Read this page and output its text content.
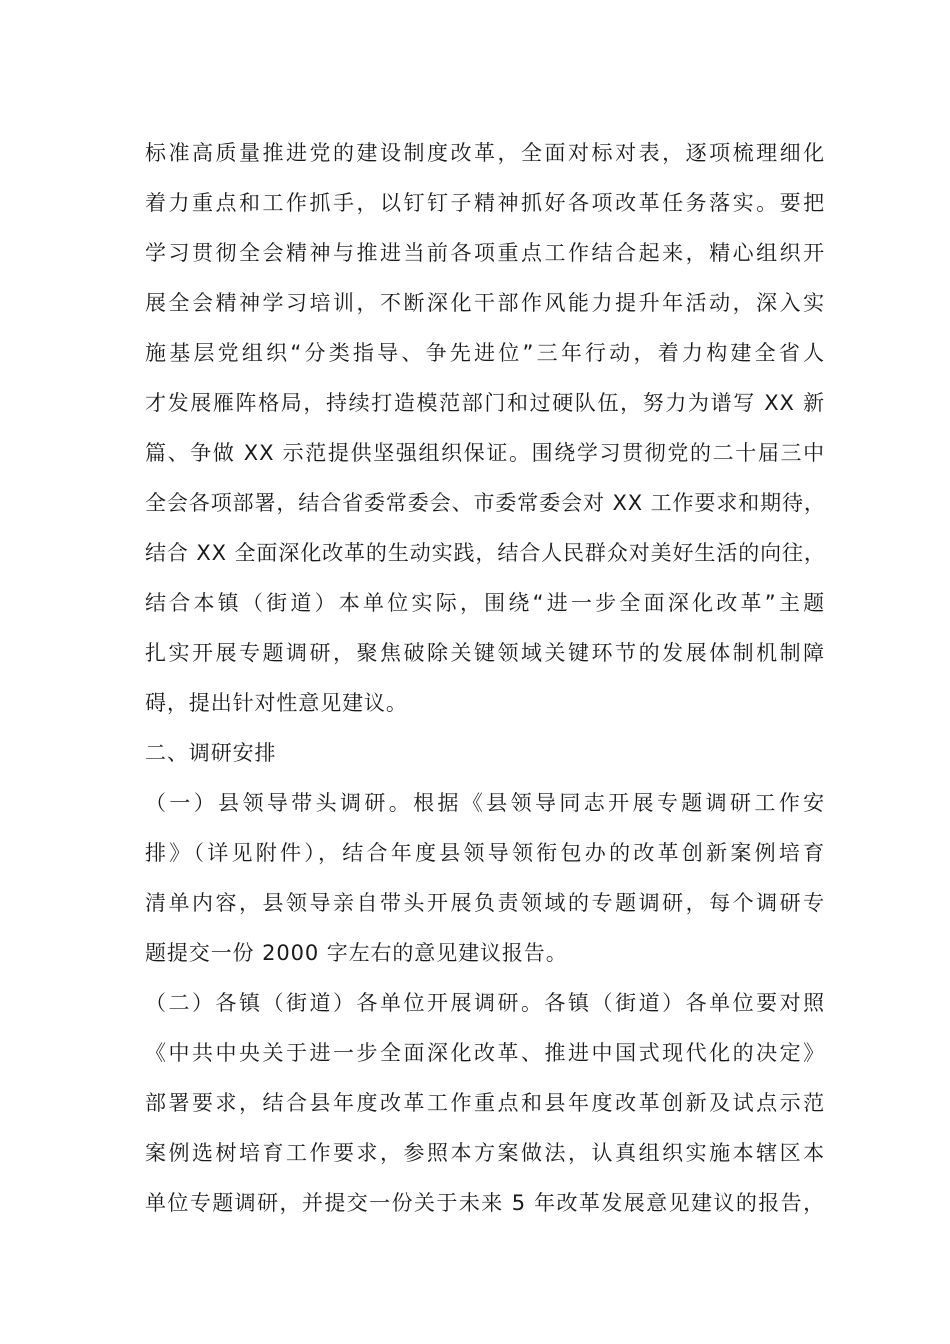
标准高质量推进党的建设制度改革，全面对标对表，逐项梳理细化
着力重点和工作抓手，以钉钉子精神抓好各项改革任务落实。要把
学习贯彻全会精神与推进当前各项重点工作结合起来，精心组织开
展全会精神学习培训，不断深化干部作风能力提升年活动，深入实
施基层党组织“分类指导、争先进位”三年行动，着力构建全省人
才发展雁阵格局，持续打造模范部门和过硬队伍，努力为谱写 XX 新
篇、争做 XX 示范提供坚强组织保证。围绕学习贯彻党的二十届三中
全会各项部署，结合省委常委会、市委常委会对 XX 工作要求和期待，
结合 XX 全面深化改革的生动实践，结合人民群众对美好生活的向往，
结合本镇（街道）本单位实际，围绕“进一步全面深化改革”主题
扎实开展专题调研，聚焦破除关键领域关键环节的发展体制机制障
碍，提出针对性意见建议。
二、调研安排
（一）县领导带头调研。根据《县领导同志开展专题调研工作安
排》（详见附件），结合年度县领导领衔包办的改革创新案例培育
清单内容，县领导亲自带头开展负责领域的专题调研，每个调研专
题提交一份 2000 字左右的意见建议报告。
（二）各镇（街道）各单位开展调研。各镇（街道）各单位要对照
《中共中央关于进一步全面深化改革、推进中国式现代化的决定》
部署要求，结合县年度改革工作重点和县年度改革创新及试点示范
案例选树培育工作要求，参照本方案做法，认真组织实施本辖区本
单位专题调研，并提交一份关于未来 5 年改革发展意见建议的报告，
